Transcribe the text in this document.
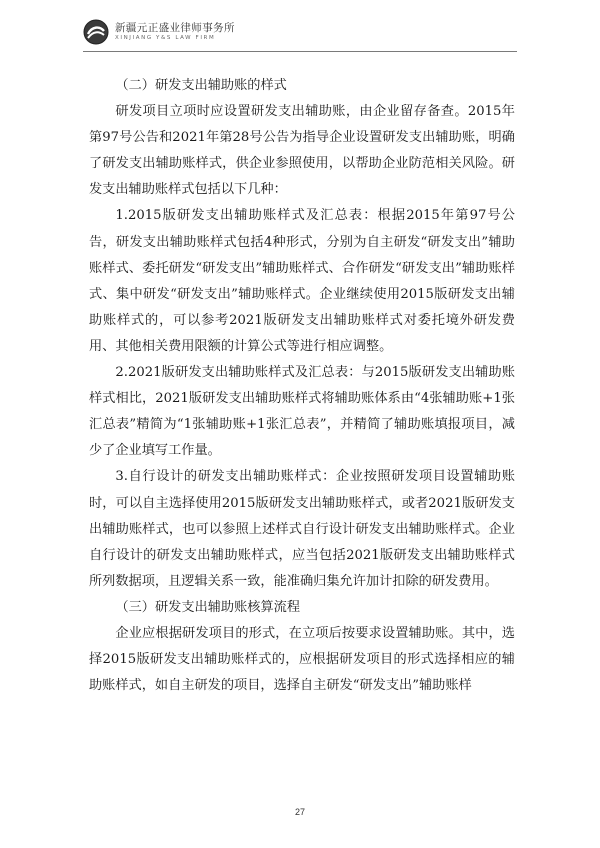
新疆元正盛业律师事务所
XINJIANG Y&S LAW FIRM

（二）研发支出辅助账的样式

研发项目立项时应设置研发支出辅助账，由企业留存备查。2015年第97号公告和2021年第28号公告为指导企业设置研发支出辅助账，明确了研发支出辅助账样式，供企业参照使用，以帮助企业防范相关风险。研发支出辅助账样式包括以下几种：

1.2015版研发支出辅助账样式及汇总表：根据2015年第97号公告，研发支出辅助账样式包括4种形式，分别为自主研发“研发支出”辅助账样式、委托研发“研发支出”辅助账样式、合作研发“研发支出”辅助账样式、集中研发“研发支出”辅助账样式。企业继续使用2015版研发支出辅助账样式的，可以参考2021版研发支出辅助账样式对委托境外研发费用、其他相关费用限额的计算公式等进行相应调整。

2.2021版研发支出辅助账样式及汇总表：与2015版研发支出辅助账样式相比，2021版研发支出辅助账样式将辅助账体系由“4张辅助账+1张汇总表”精简为“1张辅助账+1张汇总表”，并精简了辅助账填报项目，减少了企业填写工作量。

3.自行设计的研发支出辅助账样式：企业按照研发项目设置辅助账时，可以自主选择使用2015版研发支出辅助账样式，或者2021版研发支出辅助账样式，也可以参照上述样式自行设计研发支出辅助账样式。企业自行设计的研发支出辅助账样式，应当包括2021版研发支出辅助账样式所列数据项，且逻辑关系一致，能准确归集允许加计扣除的研发费用。

（三）研发支出辅助账核算流程

企业应根据研发项目的形式，在立项后按要求设置辅助账。其中，选择2015版研发支出辅助账样式的，应根据研发项目的形式选择相应的辅助账样式，如自主研发的项目，选择自主研发“研发支出”辅助账样

27
